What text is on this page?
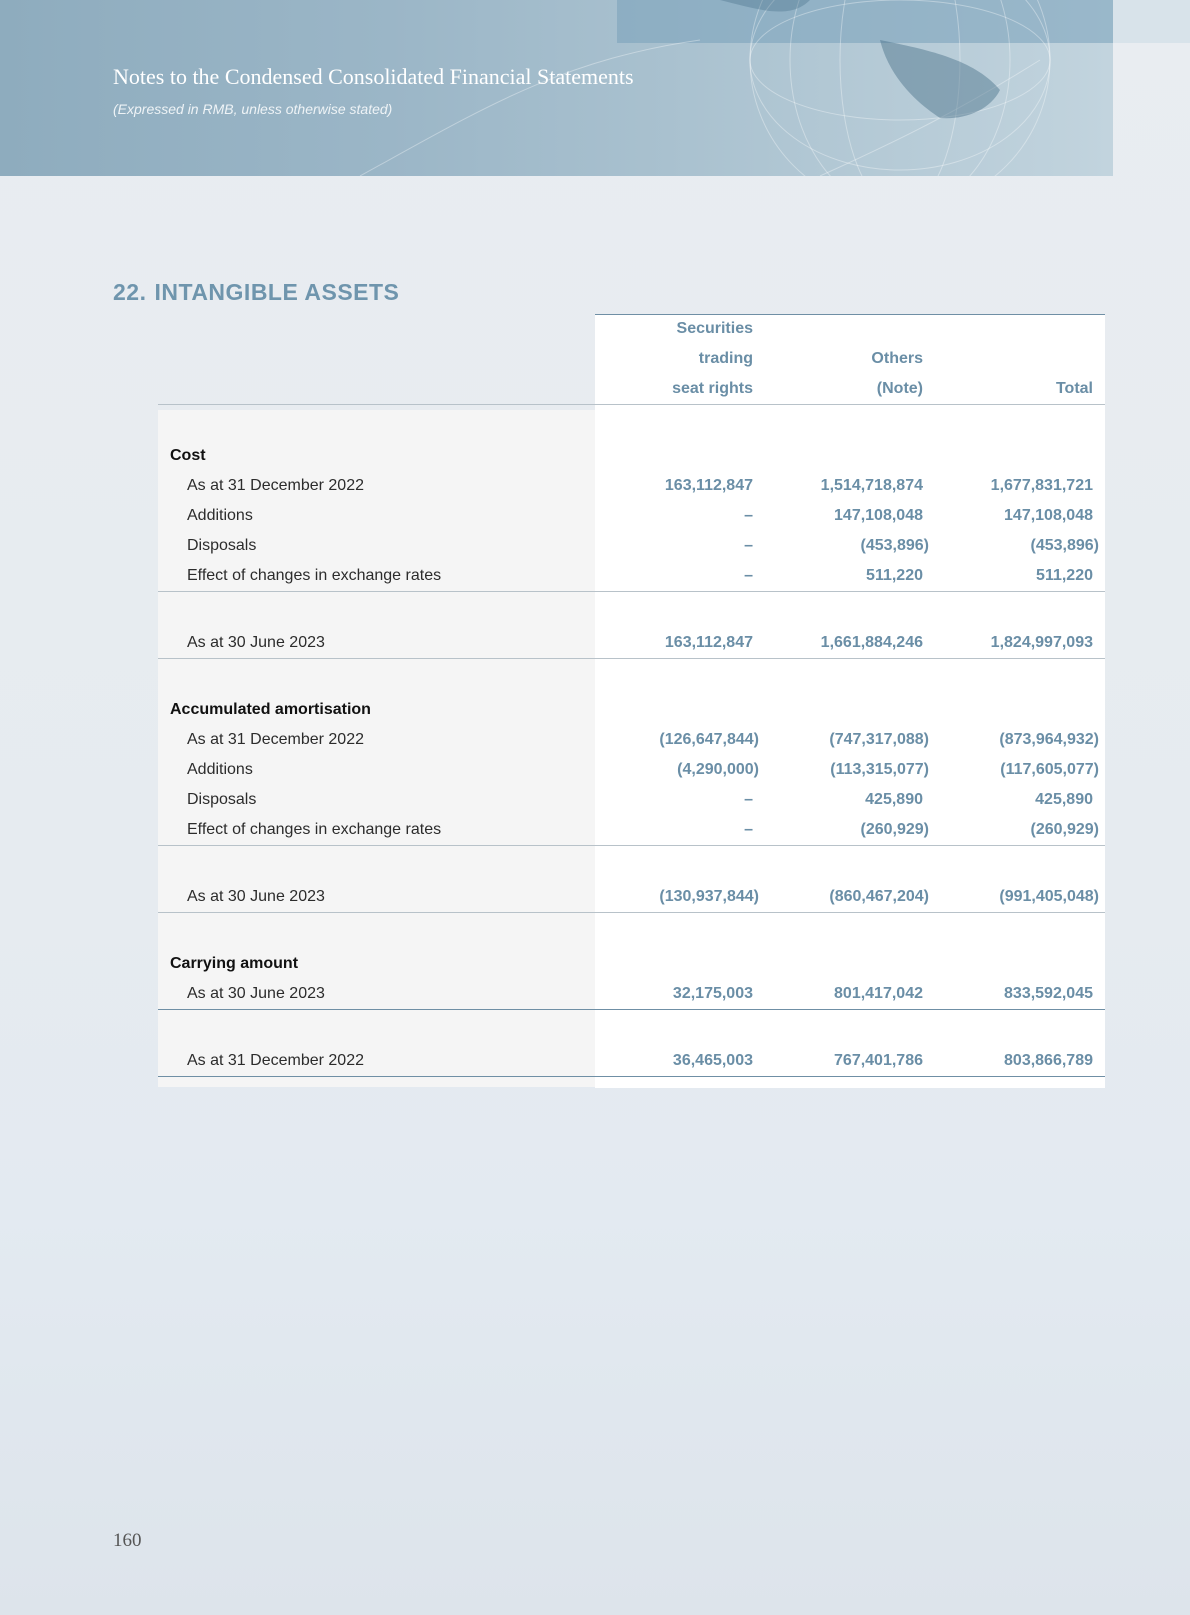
Notes to the Condensed Consolidated Financial Statements
(Expressed in RMB, unless otherwise stated)
22. INTANGIBLE ASSETS
	Securities		
	trading	Others	
	seat rights	(Note)	Total

Cost			
As at 31 December 2022	163,112,847	1,514,718,874	1,677,831,721
Additions	–	147,108,048	147,108,048
Disposals	–	(453,896)	(453,896)
Effect of changes in exchange rates	–	511,220	511,220

As at 30 June 2023	163,112,847	1,661,884,246	1,824,997,093

Accumulated amortisation			
As at 31 December 2022	(126,647,844)	(747,317,088)	(873,964,932)
Additions	(4,290,000)	(113,315,077)	(117,605,077)
Disposals	–	425,890	425,890
Effect of changes in exchange rates	–	(260,929)	(260,929)

As at 30 June 2023	(130,937,844)	(860,467,204)	(991,405,048)

Carrying amount			
As at 30 June 2023	32,175,003	801,417,042	833,592,045

As at 31 December 2022	36,465,003	767,401,786	803,866,789
160
